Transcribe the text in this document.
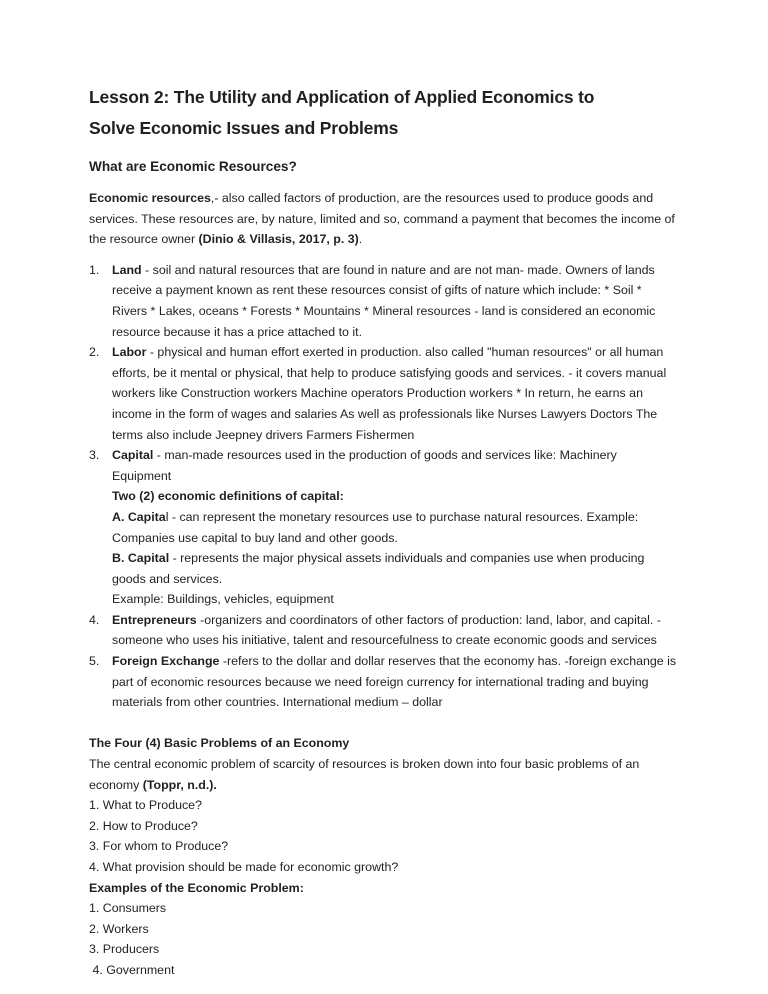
Lesson 2: The Utility and Application of Applied Economics to
Solve Economic Issues and Problems
What are Economic Resources?

Economic resources,- also called factors of production, are the resources used to produce goods and services. These resources are, by nature, limited and so, command a payment that becomes the income of the resource owner (Dinio & Villasis, 2017, p. 3).

1.	Land - soil and natural resources that are found in nature and are not man- made. Owners of lands receive a payment known as rent these resources consist of gifts of nature which include: * Soil * Rivers * Lakes, oceans * Forests * Mountains * Mineral resources - land is considered an economic resource because it has a price attached to it.
2.	Labor - physical and human effort exerted in production. also called "human resources" or all human efforts, be it mental or physical, that help to produce satisfying goods and services. - it covers manual workers like Construction workers Machine operators Production workers * In return, he earns an income in the form of wages and salaries As well as professionals like Nurses Lawyers Doctors The terms also include Jeepney drivers Farmers Fishermen
3.	Capital - man-made resources used in the production of goods and services like: Machinery Equipment
Two (2) economic definitions of capital:
A. Capital - can represent the monetary resources use to purchase natural resources. Example: Companies use capital to buy land and other goods.
B. Capital - represents the major physical assets individuals and companies use when producing goods and services.
Example: Buildings, vehicles, equipment
4.	Entrepreneurs -organizers and coordinators of other factors of production: land, labor, and capital. - someone who uses his initiative, talent and resourcefulness to create economic goods and services
5.	Foreign Exchange -refers to the dollar and dollar reserves that the economy has. -foreign exchange is part of economic resources because we need foreign currency for international trading and buying materials from other countries. International medium – dollar
The Four (4) Basic Problems of an Economy
The central economic problem of scarcity of resources is broken down into four basic problems of an economy (Toppr, n.d.).
1. What to Produce?
2. How to Produce?
3. For whom to Produce?
4. What provision should be made for economic growth?
Examples of the Economic Problem:
1. Consumers
2. Workers
3. Producers
4. Government
